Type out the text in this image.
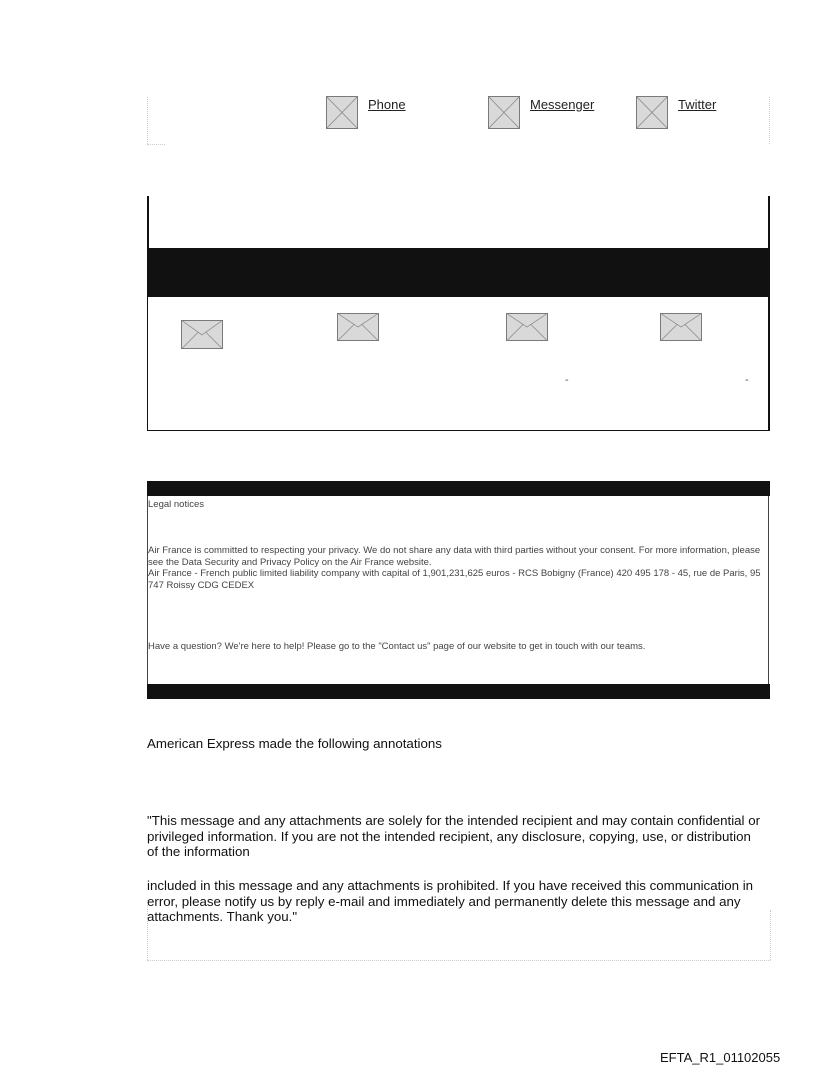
Phone	Messenger	Twitter
-	-
Legal notices
Air France is committed to respecting your privacy. We do not share any data with third parties without your consent. For more information, please see the Data Security and Privacy Policy on the Air France website.
Air France - French public limited liability company with capital of 1,901,231,625 euros - RCS Bobigny (France) 420 495 178 - 45, rue de Paris, 95 747 Roissy CDG CEDEX
Have a question? We're here to help! Please go to the "Contact us" page of our website to get in touch with our teams.
American Express made the following annotations
"This message and any attachments are solely for the intended recipient and may contain confidential or privileged information. If you are not the intended recipient, any disclosure, copying, use, or distribution of the information
included in this message and any attachments is prohibited. If you have received this communication in error, please notify us by reply e-mail and immediately and permanently delete this message and any attachments. Thank you."
EFTA_R1_01102055
